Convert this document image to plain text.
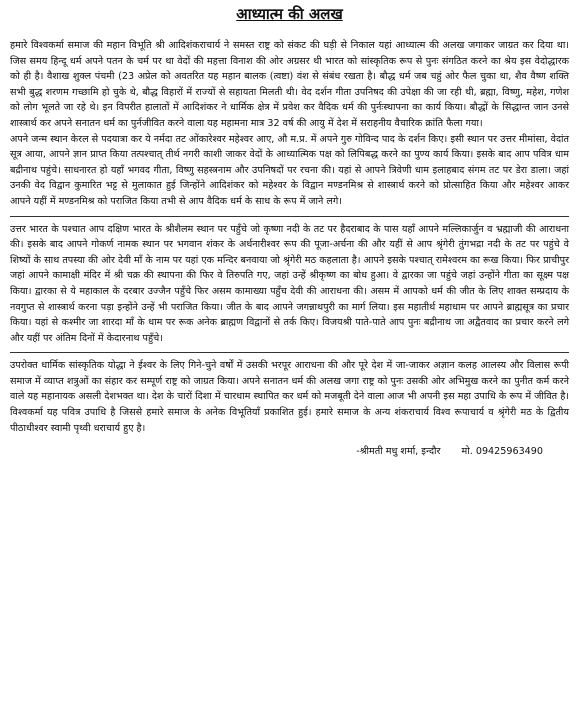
आध्यात्म की अलख

हमारे विश्वकर्मा समाज की महान विभूति श्री आदिशंकराचार्य ने समस्त राष्ट्र को संकट की घड़ी से निकाल यहां आध्यात्म की अलख जगाकर जाग्रत कर दिया था। जिस समय हिन्दू धर्म अपने पतन के चर्म पर था वेदों की महत्ता विनाश की ओर अग्रसर थी भारत को सांस्कृतिक रूप से पुनः संगठित करने का श्रेय इस वेदोद्धारक को ही है। वैशाख शुक्ल पंचमी (23 अप्रेल को अवतरित यह महान बालक (त्वष्टा) वंश से संबंध रखता है। बौद्ध धर्म जब चहुं ओर फैल चुका था, शैव वैष्ण शक्ति सभी बुद्ध शरणम गच्छामि हो चुके थे, बौद्ध विहारों में राज्यों से सहायता मिलती थी। वेद दर्शन गीता उपनिषद की उपेक्षा की जा रही थी, ब्रह्मा, विष्णु, महेश, गणेश को लोग भूलते जा रहे थे। इन विपरीत हालातों में आदिशंकर ने धार्मिक क्षेत्र में प्रवेश कर वैदिक धर्म की पुर्नःस्थापना का कार्य किया। बौद्धों के सिद्धान्त जान उनसे शास्त्रार्थ कर अपने सनातन धर्म का पुर्नजीवित करने वाला यह महामना मात्र 32 वर्ष की आयु में देश में सराहनीय वैचारिक क्रांति फैला गया।

अपने जन्म स्थान केरल से पदयात्रा कर ये नर्मदा तट ओंकारेश्वर महेश्वर आए, औ म.प्र. में अपने गुरु गोविन्द पाद के दर्शन किए। इसी स्थान पर उत्तर मीमांसा, वेदांत सूत्र आया, आपने ज्ञान प्राप्त किया तत्पश्चात् तीर्थ नगरी काशी जाकर वेदों के आध्यात्मिक पक्ष को लिपिबद्ध करने का पुण्य कार्य किया। इसके बाद आप पवित्र धाम बद्रीनाथ पहुंचे। साधनारत हो यहाँ भगवद गीता, विष्णु सहस्त्रनाम और उपनिषदों पर रचना की। यहां से आपने त्रिवेणी धाम इलाहबाद संगम तट पर डेरा डाला। जहां उनकी वेद विद्वान कुमारित भट्ट से मुलाकात हुई जिन्होंने आदिशंकर को महेश्वर के विद्वान मण्डनमिश्र से शास्त्रार्थ करने को प्रोत्साहित किया और महेश्वर आकर आपने यहीं में मण्डनमिश्र को पराजित किया तभी से आप वैदिक धर्म के साध के रूप में जाने लगे।

उत्तर भारत के पश्चात आप दक्षिण भारत के श्रीशैलम स्थान पर पहुँचे जो कृष्णा नदी के तट पर हैदराबाद के पास यहाँ आपने मल्लिकार्जुन व भ्रह्माजी की आराधना की। इसके बाद आपने गोकर्ण नामक स्थान पर भगवान शंकर के अर्धनारीश्वर रूप की पूजा-अर्चना की और यहीं से आप श्रृंगेरी तुंगभद्रा नदी के तट पर पहुंचे वे शिष्यों के साथ तपस्या की ओर देवी माँ के नाम पर यहां एक मन्दिर बनवाया जो श्रृंगेरी मठ कहलाता है। आपने इसके पश्चात् रामेश्वरम का रूख किया। फिर प्राचीपुर जहां आपने कामाक्षी मंदिर में श्री चक्र की स्थापना की फिर वे तिरुपति गए, जहां उन्हें श्रीकृष्ण का बोध हुआ। वे द्वारका जा पहुंचे जहां उन्होंने गीता का सूक्ष्म पक्ष किया। द्वारका से ये महाकाल के दरबार उज्जैन पहुँचे फिर असम कामाख्या पहुँच देवी की आराधना की। असम में आपको धर्म की जीत के लिए शाक्त सम्प्रदाय के नवगुप्त से शास्त्रार्थ करना पड़ा इन्होंने उन्हें भी पराजित किया। जीत के बाद आपने जगन्नाथपुरी का मार्ग लिया। इस महातीर्थ महाधाम पर आपने ब्राह्मसूत्र का प्रचार किया। यहां से कश्मीर जा शारदा माँ के धाम पर रूक अनेक ब्राह्मण विद्वानों से तर्क किए। विजयश्री पाते-पाते आप पुनः बद्रीनाथ जा अद्वैतवाद का प्रचार करने लगे और यहीं पर अंतिम दिनों में केदारनाथ पहुँचे।

उपरोक्त धार्मिक सांस्कृतिक योद्धा ने ईश्वर के लिए गिने-चुने वर्षों में उसकी भरपूर आराधना की और पूरे देश में जा-जाकर अज्ञान कलह आलस्य और विलास रूपी समाज में व्याप्त शत्रुओं का संहार कर सम्पूर्ण राष्ट्र को जाग्रत किया। अपने सनातन धर्म की अलख जगा राष्ट्र को पुनः उसकी ओर अभिमुख करने का पुनीत कर्म करने वाले यह महानायक असली देशभक्त था। देश के चारों दिशा में चारधाम स्थापित कर धर्म को मजबूती देने वाला आज भी अपनी इस महा उपाधि के रूप में जीवित है। विश्वकर्मा यह पवित्र उपाधि है जिससे हमारे समाज के अनेक विभूतियाँ प्रकाशित हुई। हमारे समाज के अन्य शंकराचार्य विश्व रूपाचार्य व श्रृंगेरी मठ के द्वितीय पीठाधीश्वर स्वामी पृथ्वी धराचार्य हुए है।

-श्रीमती मधु शर्मा, इन्दौर मो. 09425963490
